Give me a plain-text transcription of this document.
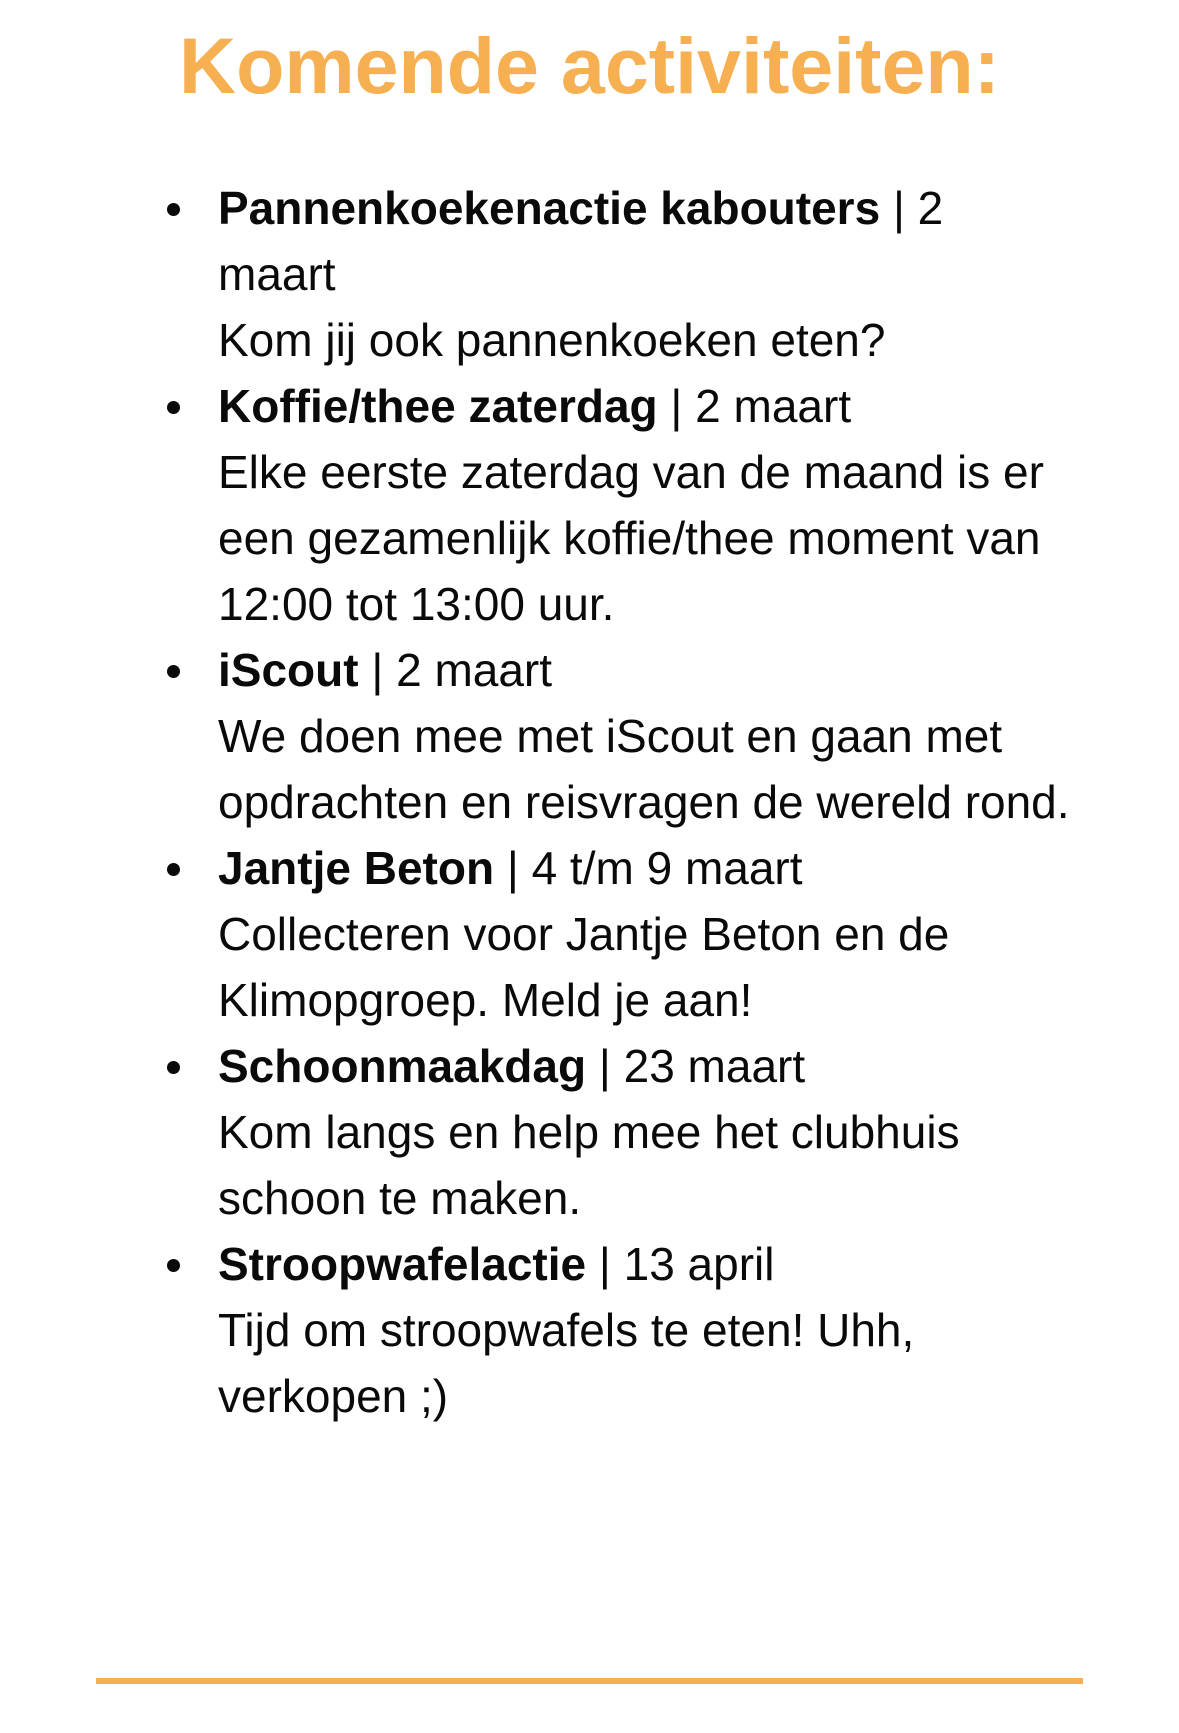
Komende activiteiten:
Pannenkoekenactie kabouters | 2 maart
Kom jij ook pannenkoeken eten?
Koffie/thee zaterdag | 2 maart
Elke eerste zaterdag van de maand is er een gezamenlijk koffie/thee moment van 12:00 tot 13:00 uur.
iScout | 2 maart
We doen mee met iScout en gaan met opdrachten en reisvragen de wereld rond.
Jantje Beton | 4 t/m 9 maart
Collecteren voor Jantje Beton en de Klimopgroep. Meld je aan!
Schoonmaakdag | 23 maart
Kom langs en help mee het clubhuis schoon te maken.
Stroopwafelactie | 13 april
Tijd om stroopwafels te eten! Uhh, verkopen ;)
